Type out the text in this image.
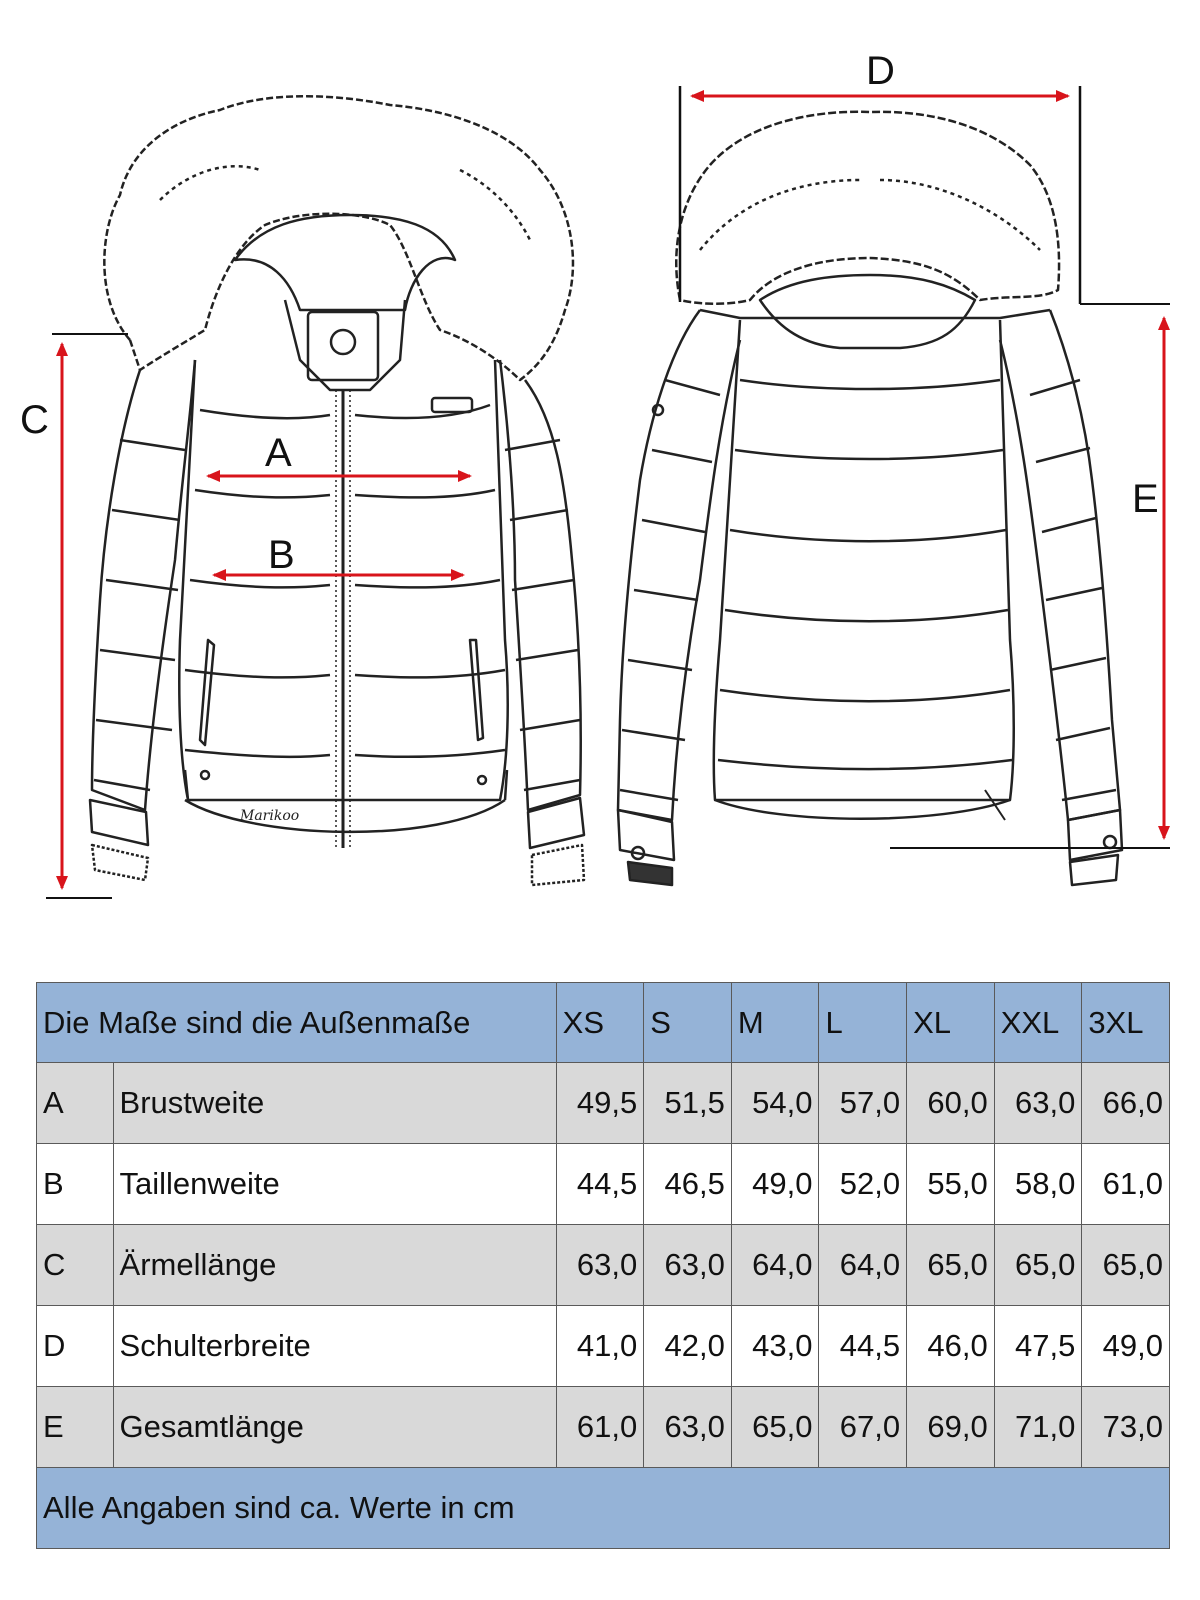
Marikoo
C
A
B
D
E
Die Maße sind die Außenmaße		XS	S	M	L	XL	XXL	3XL
A	Brustweite	49,5	51,5	54,0	57,0	60,0	63,0	66,0
B	Taillenweite	44,5	46,5	49,0	52,0	55,0	58,0	61,0
C	Ärmellänge	63,0	63,0	64,0	64,0	65,0	65,0	65,0
D	Schulterbreite	41,0	42,0	43,0	44,5	46,0	47,5	49,0
E	Gesamtlänge	61,0	63,0	65,0	67,0	69,0	71,0	73,0
Alle Angaben sind ca. Werte in cm								
